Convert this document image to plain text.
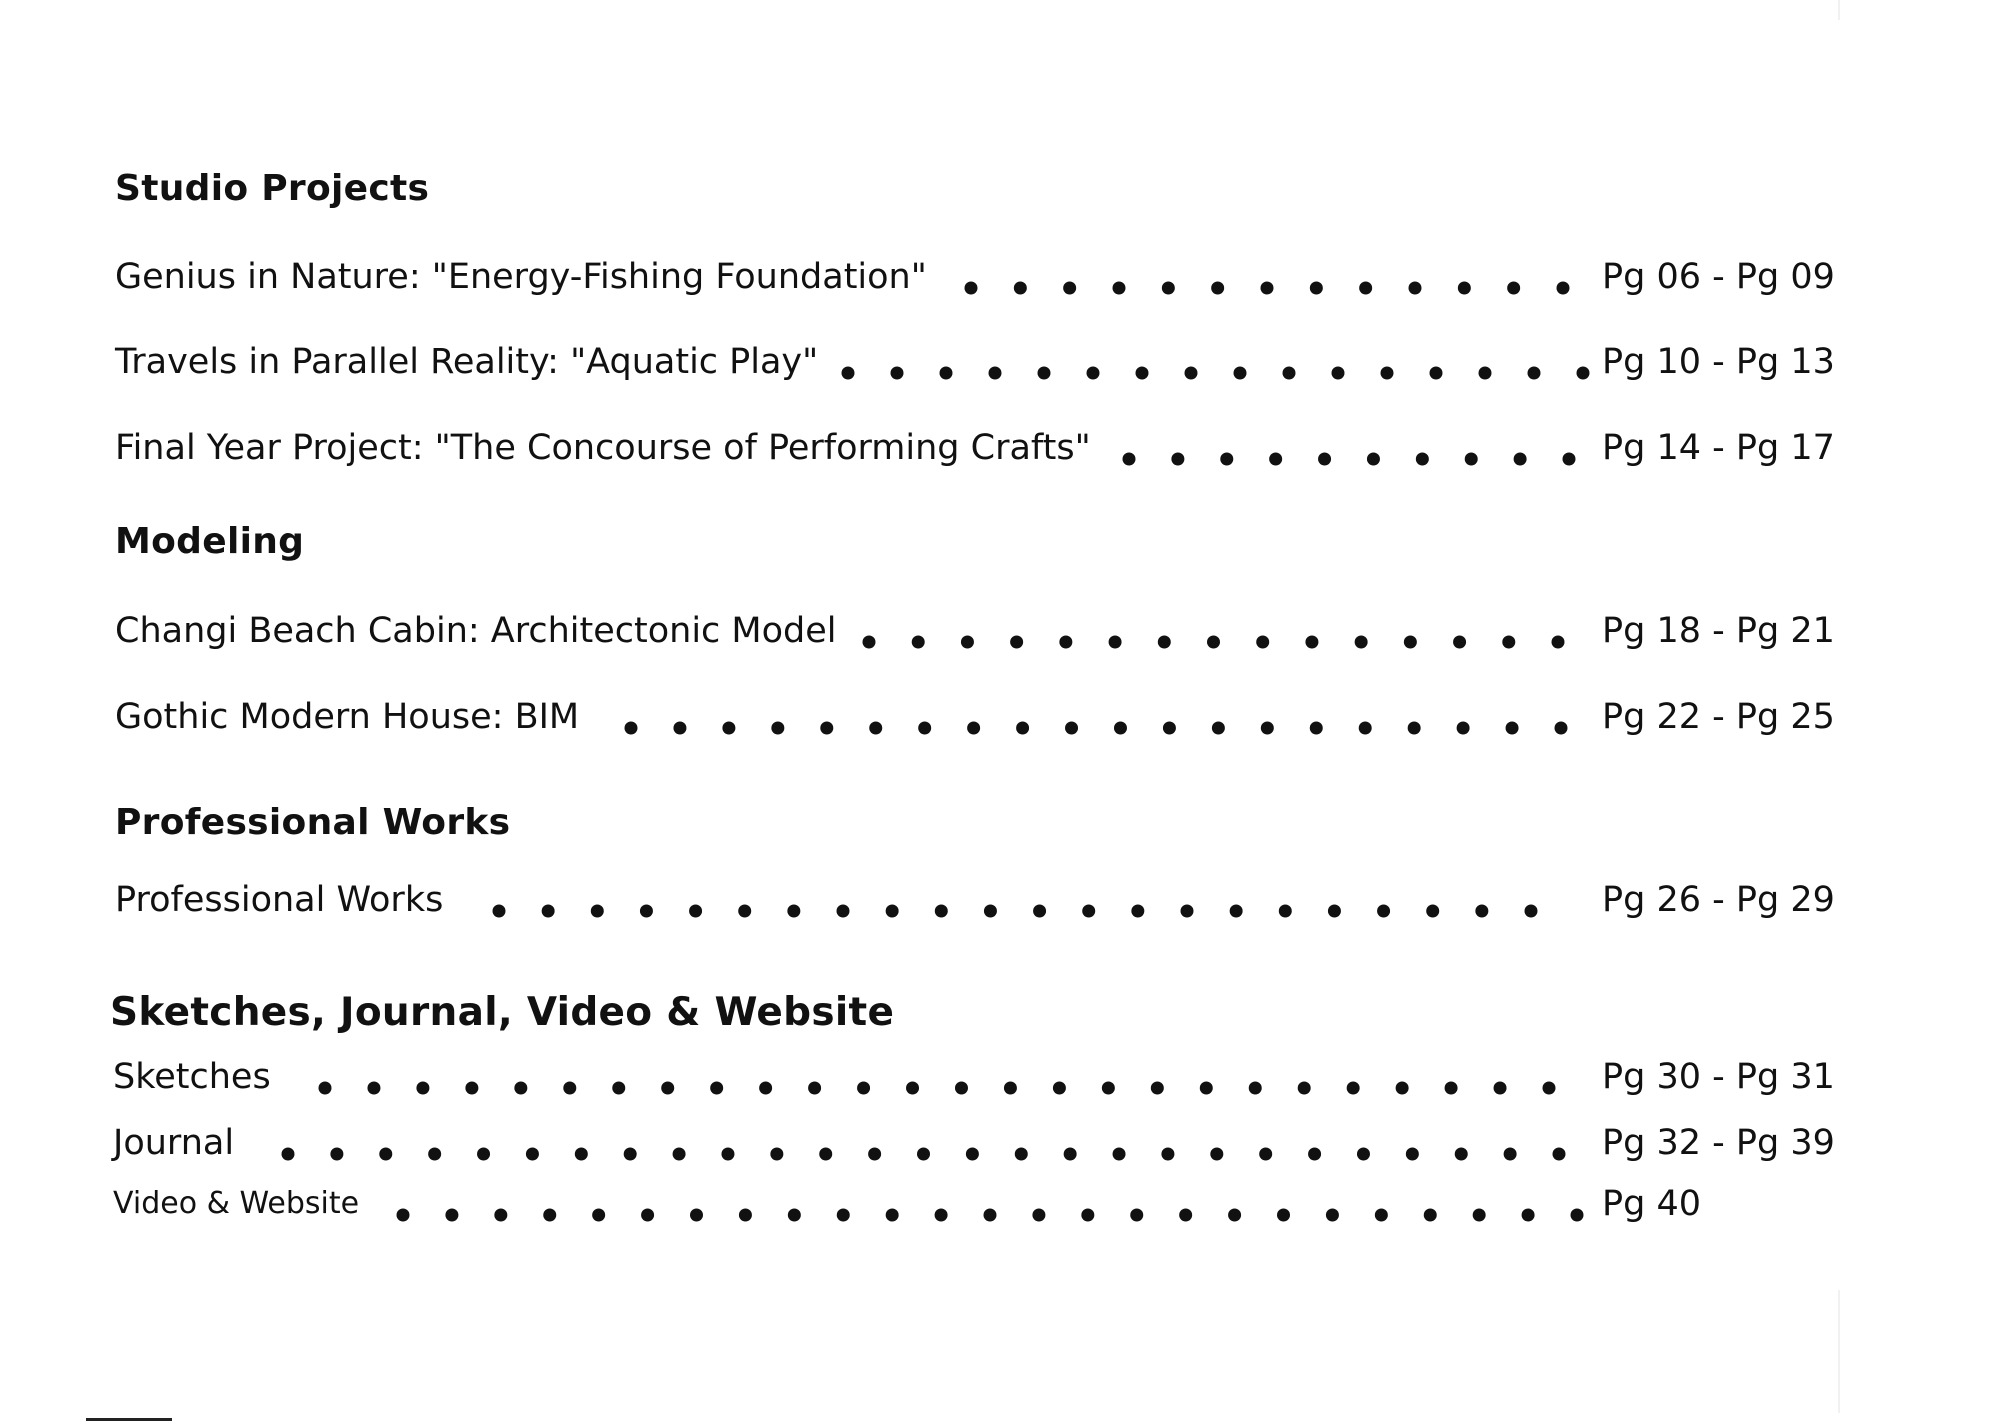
Studio Projects
Genius in Nature: "Energy-Fishing Foundation"	Pg 06 - Pg 09
Travels in Parallel Reality: "Aquatic Play"	Pg 10 - Pg 13
Final Year Project: "The Concourse of Performing Crafts"	Pg 14 - Pg 17
Modeling
Changi Beach Cabin: Architectonic Model	Pg 18 - Pg 21
Gothic Modern House: BIM	Pg 22 - Pg 25
Professional Works
Professional Works	Pg 26 - Pg 29
Sketches, Journal, Video & Website
Sketches	Pg 30 - Pg 31
Journal	Pg 32 - Pg 39
Video & Website	Pg 40
